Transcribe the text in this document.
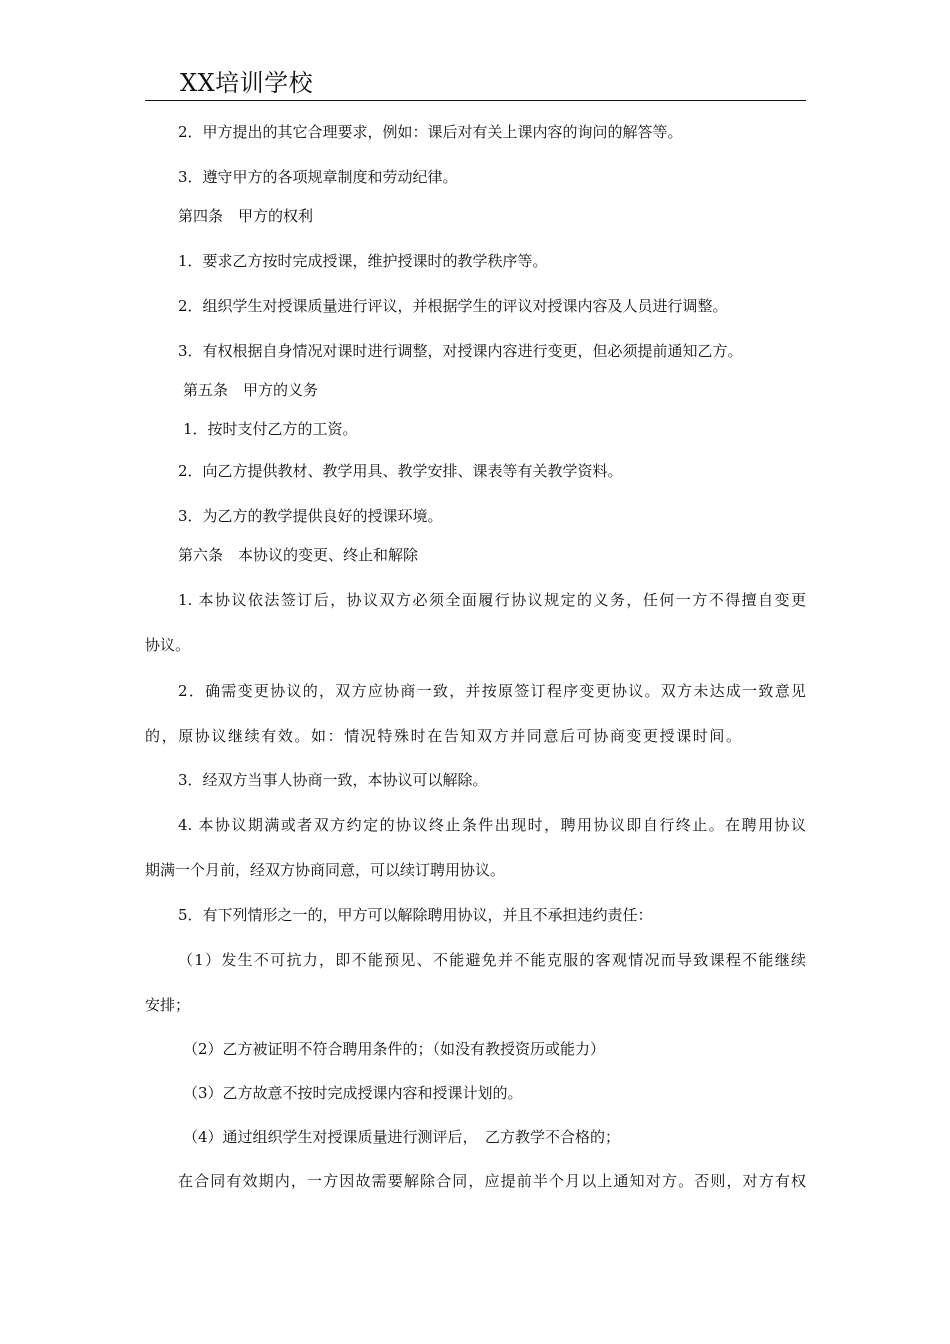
XX培训学校
2．甲方提出的其它合理要求，例如：课后对有关上课内容的询问的解答等。
3．遵守甲方的各项规章制度和劳动纪律。
第四条　甲方的权利
1．要求乙方按时完成授课，维护授课时的教学秩序等。
2．组织学生对授课质量进行评议，并根据学生的评议对授课内容及人员进行调整。
3．有权根据自身情况对课时进行调整，对授课内容进行变更，但必须提前通知乙方。
第五条　甲方的义务
1．按时支付乙方的工资。
2．向乙方提供教材、教学用具、教学安排、课表等有关教学资料。
3．为乙方的教学提供良好的授课环境。
第六条　本协议的变更、终止和解除
1. 本协议依法签订后，协议双方必须全面履行协议规定的义务，任何一方不得擅自变更
协议。
2．确需变更协议的，双方应协商一致，并按原签订程序变更协议。双方未达成一致意见
的，原协议继续有效。如：情况特殊时在告知双方并同意后可协商变更授课时间。
3．经双方当事人协商一致，本协议可以解除。
4. 本协议期满或者双方约定的协议终止条件出现时，聘用协议即自行终止。在聘用协议
期满一个月前，经双方协商同意，可以续订聘用协议。
5．有下列情形之一的，甲方可以解除聘用协议，并且不承担违约责任：
（1）发生不可抗力，即不能预见、不能避免并不能克服的客观情况而导致课程不能继续
安排；
（2）乙方被证明不符合聘用条件的；（如没有教授资历或能力）
（3）乙方故意不按时完成授课内容和授课计划的。
（4）通过组织学生对授课质量进行测评后，　乙方教学不合格的；
在合同有效期内，一方因故需要解除合同，应提前半个月以上通知对方。否则，对方有权
